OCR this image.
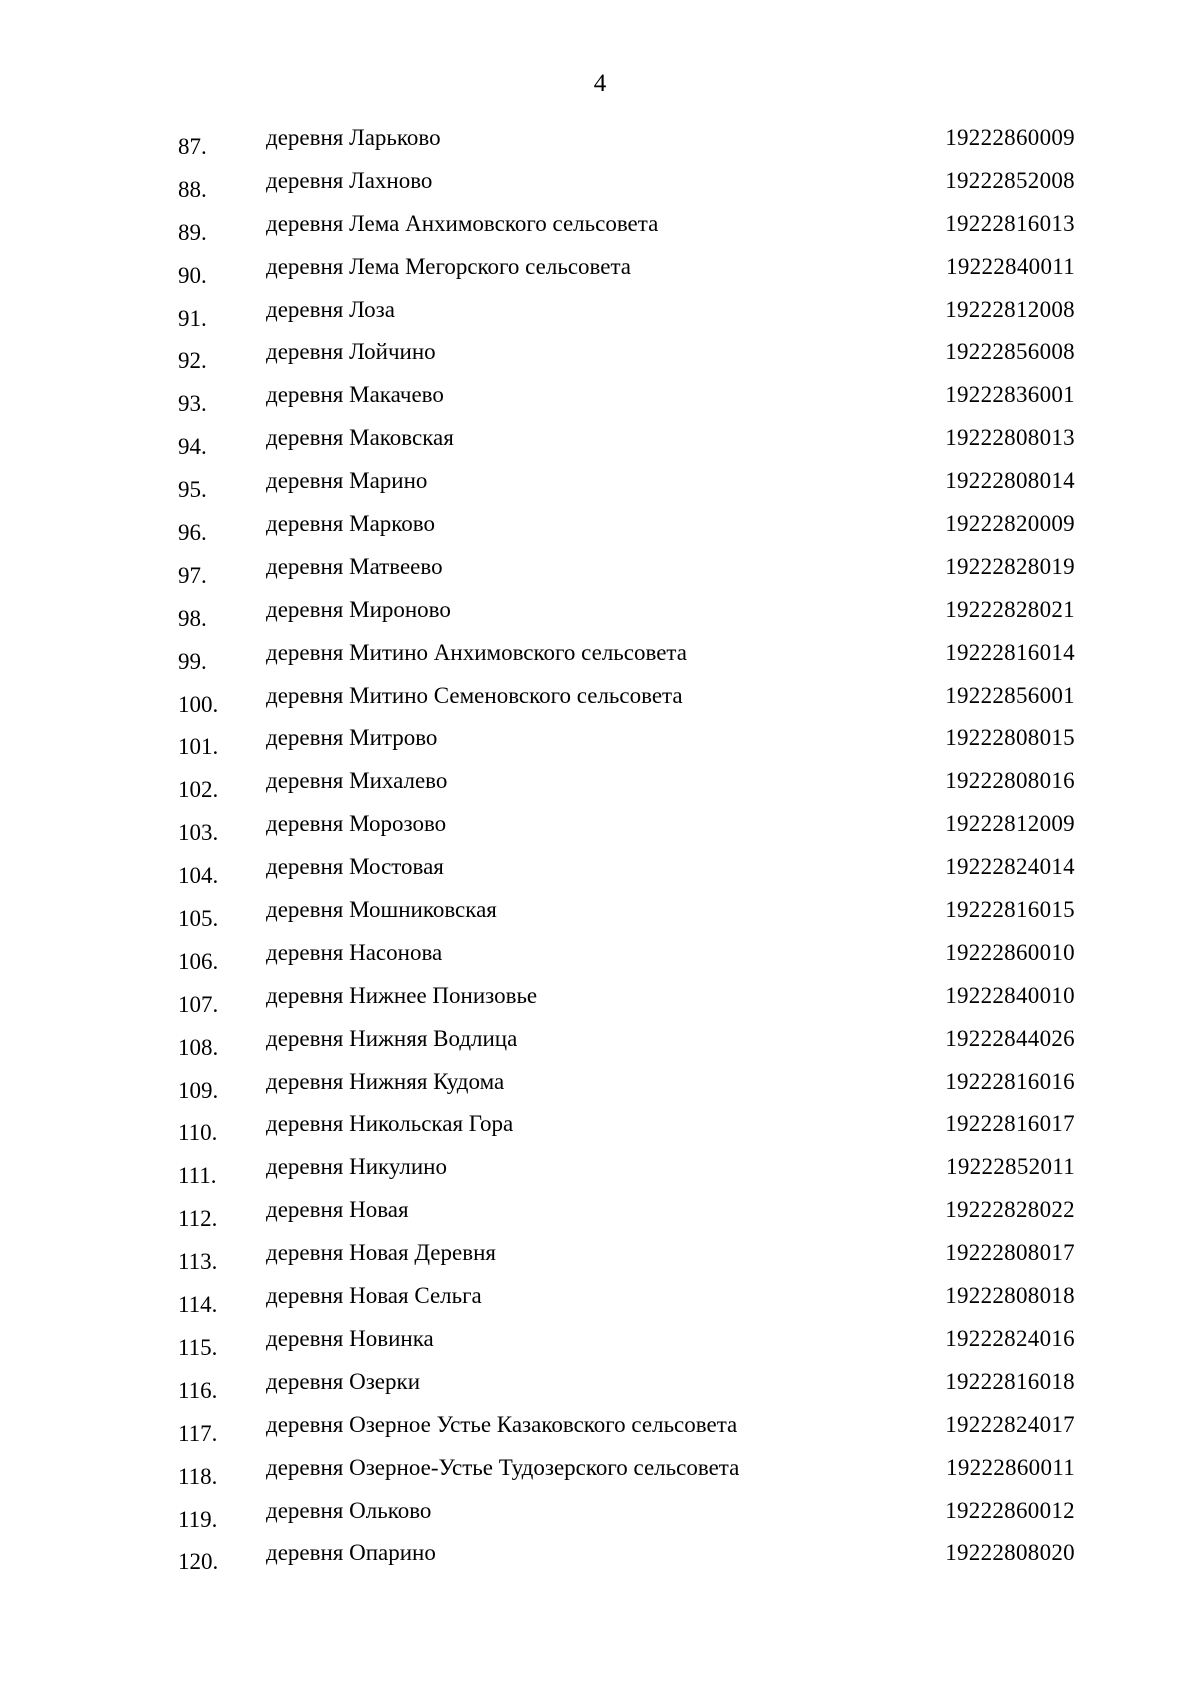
4
87.	деревня Ларьково	19222860009
88.	деревня Лахново	19222852008
89.	деревня Лема Анхимовского сельсовета	19222816013
90.	деревня Лема Мегорского сельсовета	19222840011
91.	деревня Лоза	19222812008
92.	деревня Лойчино	19222856008
93.	деревня Макачево	19222836001
94.	деревня Маковская	19222808013
95.	деревня Марино	19222808014
96.	деревня Марково	19222820009
97.	деревня Матвеево	19222828019
98.	деревня Мироново	19222828021
99.	деревня Митино Анхимовского сельсовета	19222816014
100. деревня Митино Семеновского сельсовета	19222856001
101. деревня Митрово	19222808015
102. деревня Михалево	19222808016
103. деревня Морозово	19222812009
104. деревня Мостовая	19222824014
105. деревня Мошниковская	19222816015
106. деревня Насонова	19222860010
107. деревня Нижнее Понизовье	19222840010
108. деревня Нижняя Водлица	19222844026
109. деревня Нижняя Кудома	19222816016
110. деревня Никольская Гора	19222816017
111. деревня Никулино	19222852011
112. деревня Новая	19222828022
113. деревня Новая Деревня	19222808017
114. деревня Новая Сельга	19222808018
115. деревня Новинка	19222824016
116. деревня Озерки	19222816018
117. деревня Озерное Устье Казаковского сельсовета	19222824017
118. деревня Озерное-Устье Тудозерского сельсовета	19222860011
119. деревня Ольково	19222860012
120. деревня Опарино	19222808020
